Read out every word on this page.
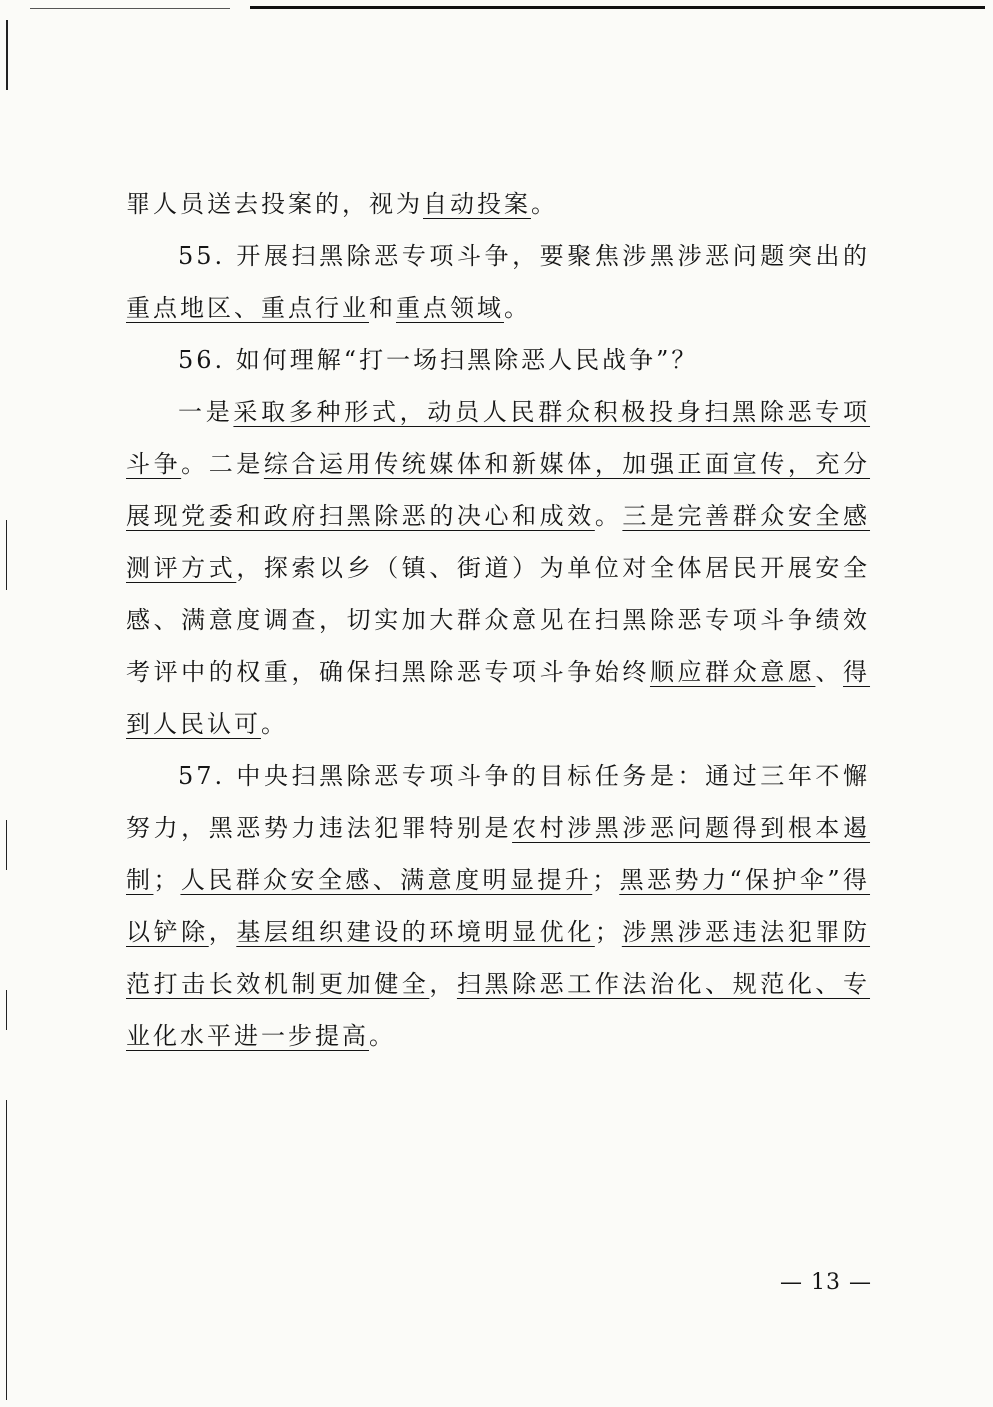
罪人员送去投案的，视为自动投案。

55. 开展扫黑除恶专项斗争，要聚焦涉黑涉恶问题突出的重点地区、重点行业和重点领域。

56. 如何理解“打一场扫黑除恶人民战争”？

一是采取多种形式，动员人民群众积极投身扫黑除恶专项斗争。二是综合运用传统媒体和新媒体，加强正面宣传，充分展现党委和政府扫黑除恶的决心和成效。三是完善群众安全感测评方式，探索以乡（镇、街道）为单位对全体居民开展安全感、满意度调查，切实加大群众意见在扫黑除恶专项斗争绩效考评中的权重，确保扫黑除恶专项斗争始终顺应群众意愿、得到人民认可。

57. 中央扫黑除恶专项斗争的目标任务是：通过三年不懈努力，黑恶势力违法犯罪特别是农村涉黑涉恶问题得到根本遏制；人民群众安全感、满意度明显提升；黑恶势力“保护伞”得以铲除，基层组织建设的环境明显优化；涉黑涉恶违法犯罪防范打击长效机制更加健全，扫黑除恶工作法治化、规范化、专业化水平进一步提高。

— 13 —
